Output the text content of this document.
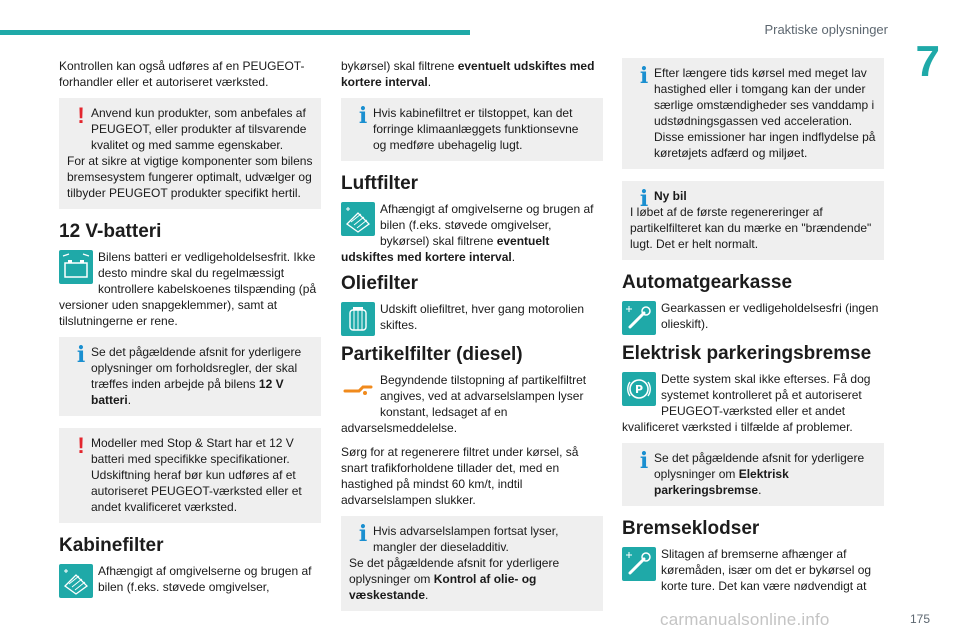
Praktiske oplysninger
7
175
carmanualsonline.info

Kontrollen kan også udføres af en PEUGEOT-forhandler eller et autoriseret værksted.

! Anvend kun produkter, som anbefales af PEUGEOT, eller produkter af tilsvarende kvalitet og med samme egenskaber.
For at sikre at vigtige komponenter som bilens bremsesystem fungerer optimalt, udvælger og tilbyder PEUGEOT produkter specifikt hertil.
12 V-batteri
Bilens batteri er vedligeholdelsesfrit. Ikke desto mindre skal du regelmæssigt kontrollere kabelskoenes tilspænding (på versioner uden snapgeklemmer), samt at tilslutningerne er rene.
i Se det pågældende afsnit for yderligere oplysninger om forholdsregler, der skal træffes inden arbejde på bilens 12 V batteri.
! Modeller med Stop & Start har et 12 V batteri med specifikke specifikationer. Udskiftning heraf bør kun udføres af et autoriseret PEUGEOT-værksted eller et andet kvalificeret værksted.
Kabinefilter
Afhængigt af omgivelserne og brugen af bilen (f.eks. støvede omgivelser,

bykørsel) skal filtrene eventuelt udskiftes med kortere interval.

i Hvis kabinefiltret er tilstoppet, kan det forringe klimaanlæggets funktionsevne og medføre ubehagelig lugt.
Luftfilter
Afhængigt af omgivelserne og brugen af bilen (f.eks. støvede omgivelser, bykørsel) skal filtrene eventuelt udskiftes med kortere interval.
Oliefilter
Udskift oliefiltret, hver gang motorolien skiftes.
Partikelfilter (diesel)
Begyndende tilstopning af partikelfiltret angives, ved at advarselslampen lyser konstant, ledsaget af en advarselsmeddelelse.

Sørg for at regenerere filtret under kørsel, så snart trafikforholdene tillader det, med en hastighed på mindst 60 km/t, indtil advarselslampen slukker.

i Hvis advarselslampen fortsat lyser, mangler der dieseladditiv.
Se det pågældende afsnit for yderligere oplysninger om Kontrol af olie- og væskestande.
i Efter længere tids kørsel med meget lav hastighed eller i tomgang kan der under særlige omstændigheder ses vanddamp i udstødningsgassen ved acceleration. Disse emissioner har ingen indflydelse på køretøjets adfærd og miljøet.
i Ny bil
I løbet af de første regenereringer af partikelfilteret kan du mærke en "brændende" lugt. Det er helt normalt.
Automatgearkasse
Gearkassen er vedligeholdelsesfri (ingen olieskift).
Elektrisk parkeringsbremse
P
Dette system skal ikke efterses. Få dog systemet kontrolleret på et autoriseret PEUGEOT-værksted eller et andet kvalificeret værksted i tilfælde af problemer.
i Se det pågældende afsnit for yderligere oplysninger om Elektrisk parkeringsbremse.
Bremseklodser
Slitagen af bremserne afhænger af køremåden, især om det er bykørsel og korte ture. Det kan være nødvendigt at
